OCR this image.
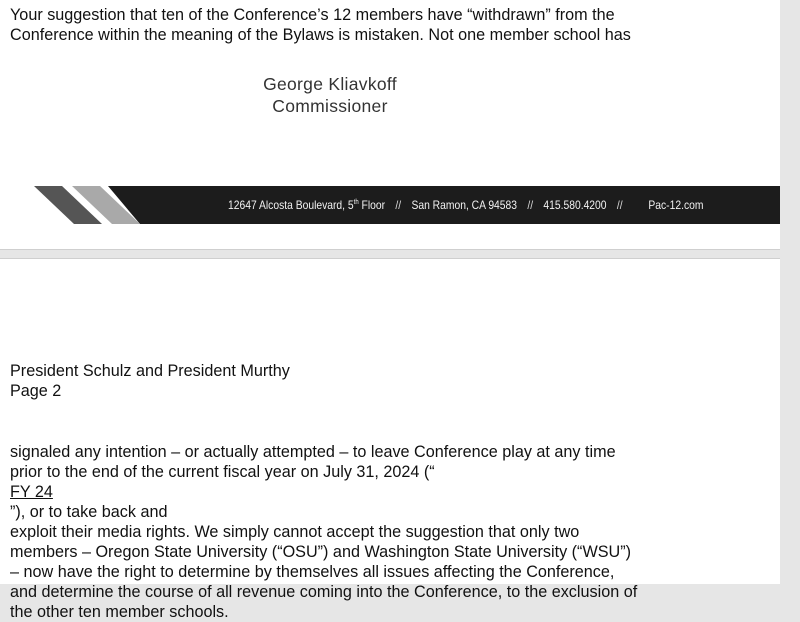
Your suggestion that ten of the Conference’s 12 members have “withdrawn” from the
Conference within the meaning of the Bylaws is mistaken. Not one member school has

George Kliavkoff
Commissioner
12647 Alcosta Boulevard, 5th Floor // San Ramon, CA 94583 // 415.580.4200 // Pac-12.com

President Schulz and President Murthy
Page 2

signaled any intention – or actually attempted – to leave Conference play at any time
prior to the end of the current fiscal year on July 31, 2024 (“
FY 24
”), or to take back and
exploit their media rights. We simply cannot accept the suggestion that only two
members – Oregon State University (“OSU”) and Washington State University (“WSU”)
– now have the right to determine by themselves all issues affecting the Conference,
and determine the course of all revenue coming into the Conference, to the exclusion of
the other ten member schools.
